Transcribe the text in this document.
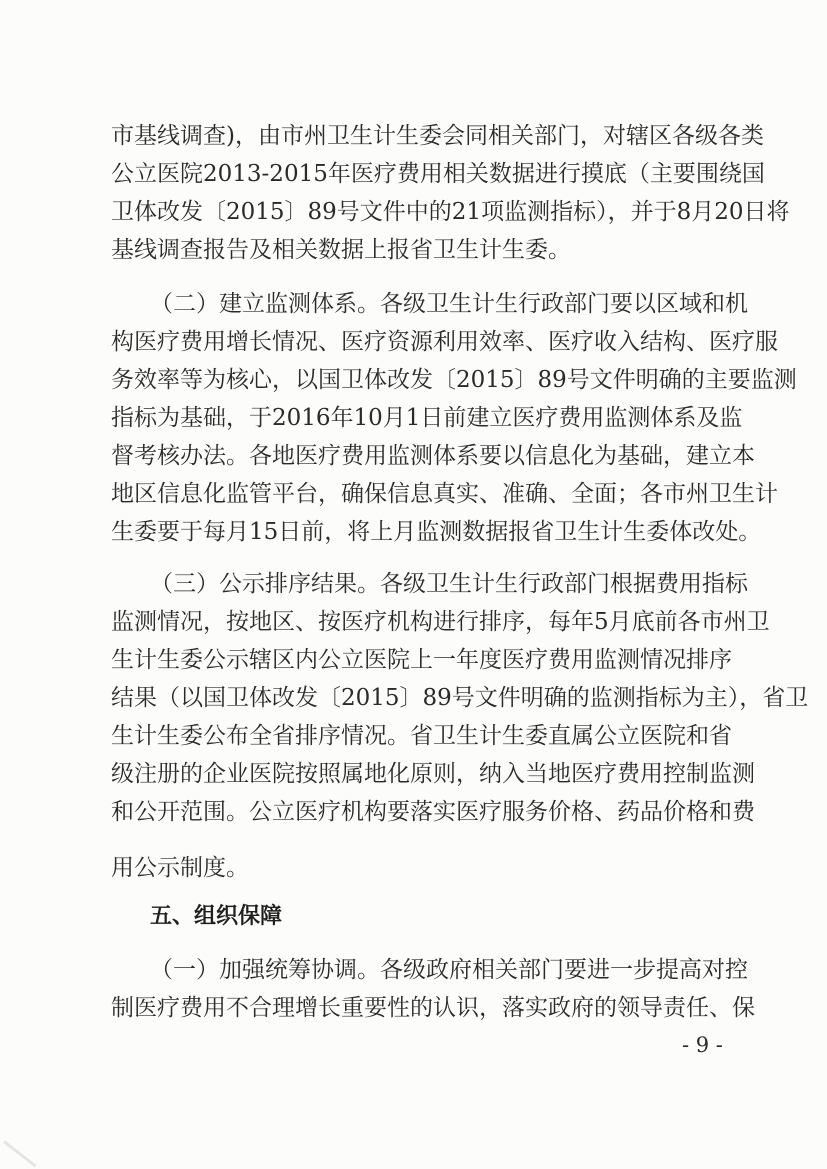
市基线调查)，由市州卫生计生委会同相关部门，对辖区各级各类
公立医院2013-2015年医疗费用相关数据进行摸底（主要围绕国
卫体改发〔2015〕89号文件中的21项监测指标），并于8月20日将
基线调查报告及相关数据上报省卫生计生委。
（二）建立监测体系。各级卫生计生行政部门要以区域和机
构医疗费用增长情况、医疗资源利用效率、医疗收入结构、医疗服
务效率等为核心，以国卫体改发〔2015〕89号文件明确的主要监测
指标为基础，于2016年10月1日前建立医疗费用监测体系及监
督考核办法。各地医疗费用监测体系要以信息化为基础，建立本
地区信息化监管平台，确保信息真实、准确、全面；各市州卫生计
生委要于每月15日前，将上月监测数据报省卫生计生委体改处。
（三）公示排序结果。各级卫生计生行政部门根据费用指标
监测情况，按地区、按医疗机构进行排序，每年5月底前各市州卫
生计生委公示辖区内公立医院上一年度医疗费用监测情况排序
结果（以国卫体改发〔2015〕89号文件明确的监测指标为主），省卫
生计生委公布全省排序情况。省卫生计生委直属公立医院和省
级注册的企业医院按照属地化原则，纳入当地医疗费用控制监测
和公开范围。公立医疗机构要落实医疗服务价格、药品价格和费
用公示制度。
五、组织保障
（一）加强统筹协调。各级政府相关部门要进一步提高对控
制医疗费用不合理增长重要性的认识，落实政府的领导责任、保
- 9 -
